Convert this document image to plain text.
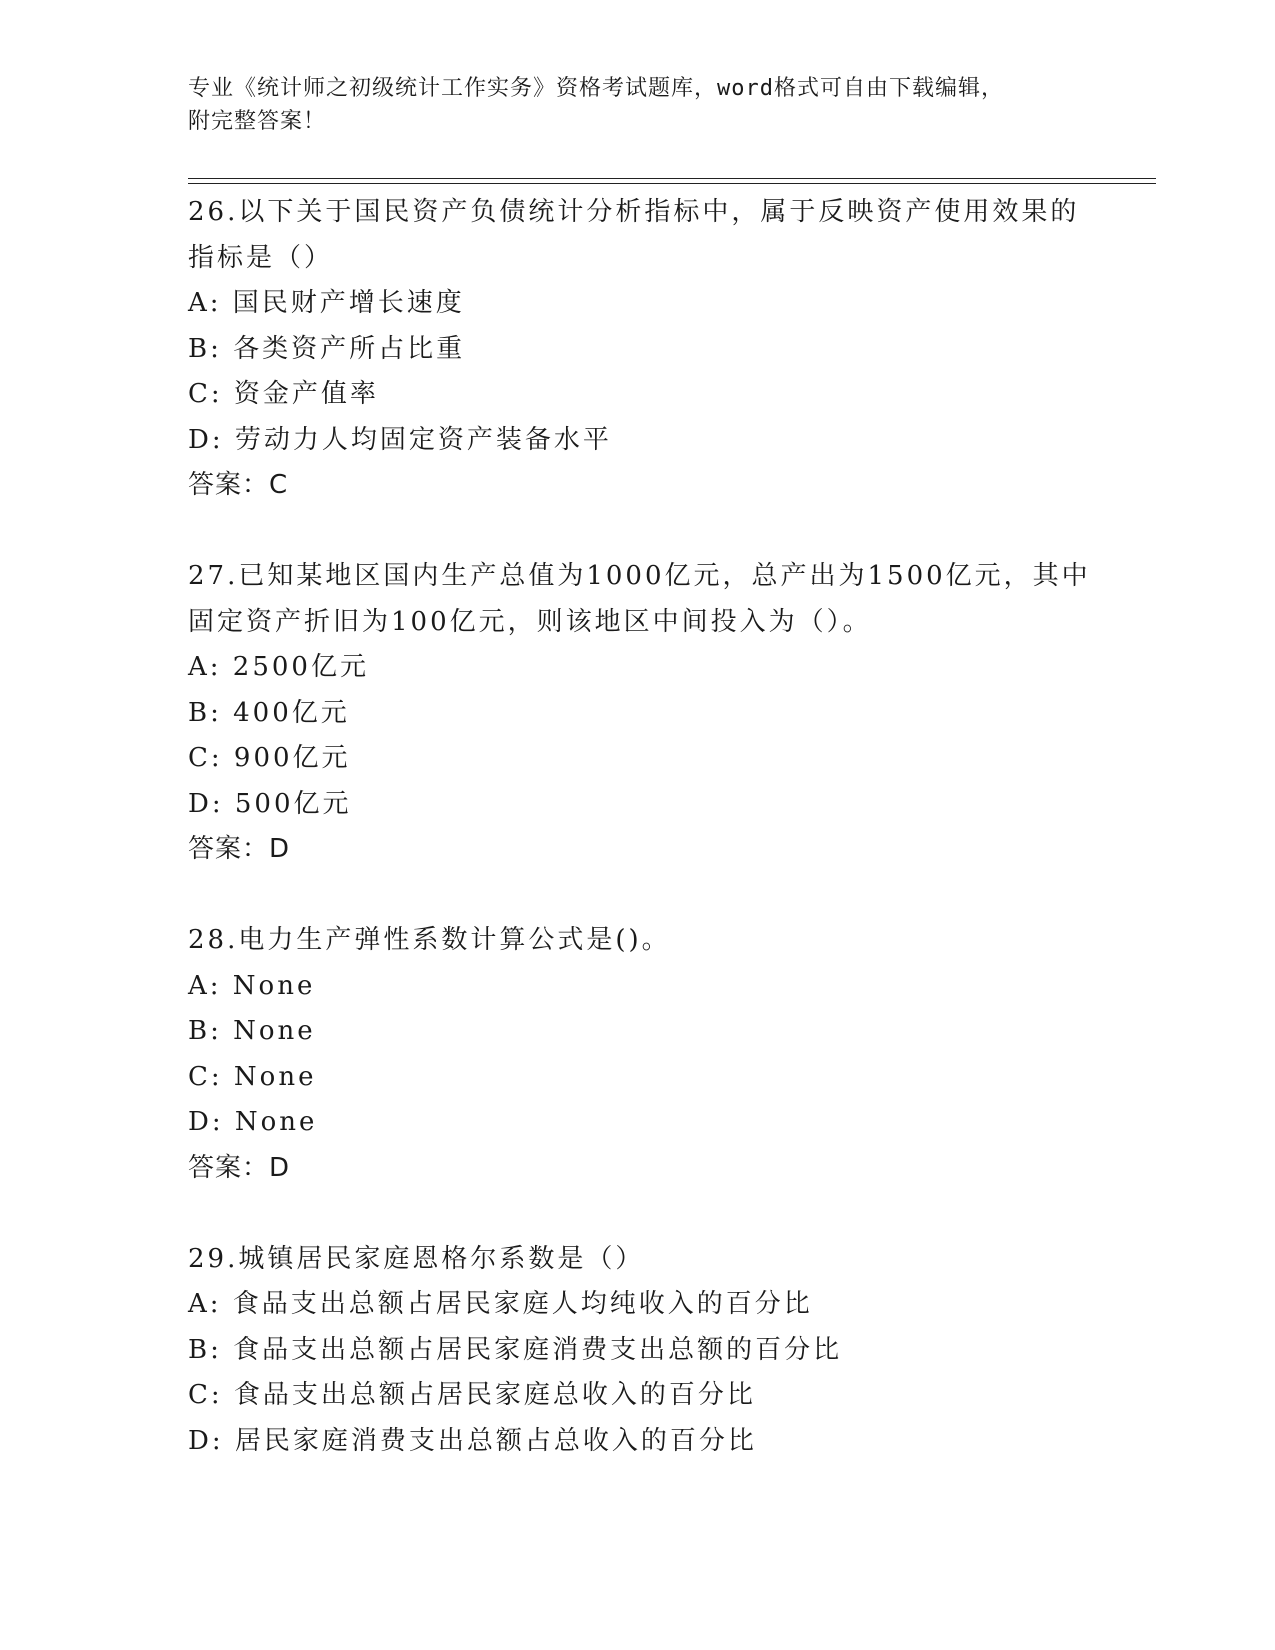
专业《统计师之初级统计工作实务》资格考试题库，word格式可自由下载编辑，
附完整答案！
26.以下关于国民资产负债统计分析指标中，属于反映资产使用效果的
指标是（）
A: 国民财产增长速度
B: 各类资产所占比重
C: 资金产值率
D: 劳动力人均固定资产装备水平
答案：C
27.已知某地区国内生产总值为1000亿元，总产出为1500亿元，其中
固定资产折旧为100亿元，则该地区中间投入为（）。
A: 2500亿元
B: 400亿元
C: 900亿元
D: 500亿元
答案：D
28.电力生产弹性系数计算公式是()。
A: None
B: None
C: None
D: None
答案：D
29.城镇居民家庭恩格尔系数是（）
A: 食品支出总额占居民家庭人均纯收入的百分比
B: 食品支出总额占居民家庭消费支出总额的百分比
C: 食品支出总额占居民家庭总收入的百分比
D: 居民家庭消费支出总额占总收入的百分比
